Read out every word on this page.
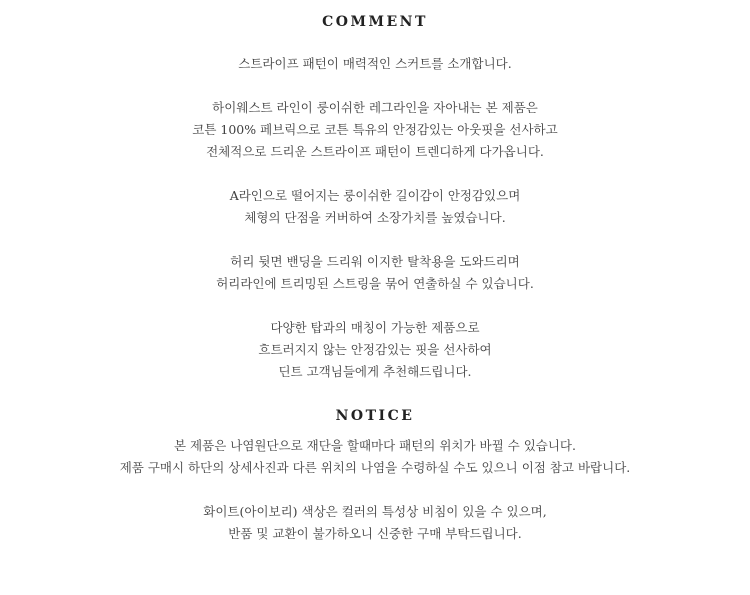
COMMENT
스트라이프 패턴이 매력적인 스커트를 소개합니다.
하이웨스트 라인이 룽이쉬한 레그라인을 자아내는 본 제품은
코튼 100% 페브릭으로 코튼 특유의 안정감있는 아웃핏을 선사하고
전체적으로 드리운 스트라이프 패턴이 트렌디하게 다가옵니다.
A라인으로 떨어지는 룽이쉬한 길이감이 안정감있으며
체형의 단점을 커버하여 소장가치를 높였습니다.
허리 뒷면 밴딩을 드리워 이지한 탈착용을 도와드리며
허리라인에 트리밍된 스트링을 묶어 연출하실 수 있습니다.
다양한 탑과의 매칭이 가능한 제품으로
흐트러지지 않는 안정감있는 핏을 선사하여
딘트 고객님들에게 추천해드립니다.
NOTICE
본 제품은 나염원단으로 재단을 할때마다 패턴의 위치가 바뀔 수 있습니다.
제품 구매시 하단의 상세사진과 다른 위치의 나염을 수령하실 수도 있으니 이점 참고 바랍니다.
화이트(아이보리) 색상은 컬러의 특성상 비침이 있을 수 있으며,
반품 및 교환이 불가하오니 신중한 구매 부탁드립니다.
